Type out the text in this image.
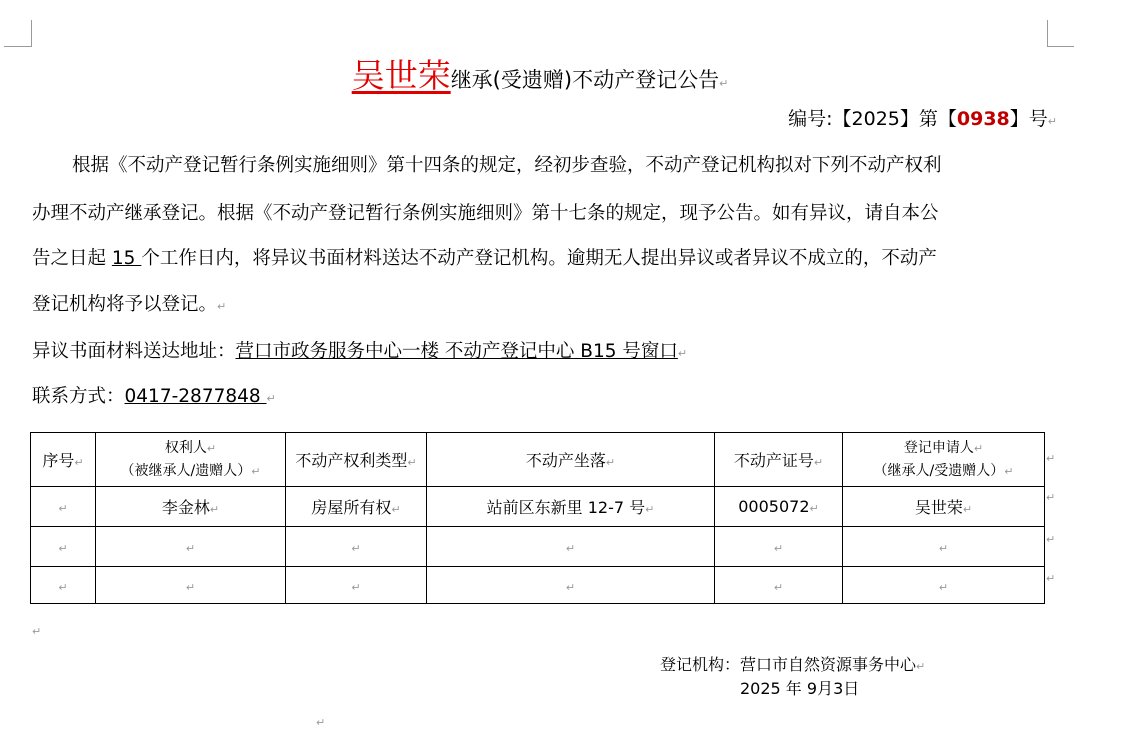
吴世荣继承(受遗赠)不动产登记公告↵
编号:【2025】第【0938】号↵
根据《不动产登记暂行条例实施细则》第十四条的规定，经初步查验，不动产登记机构拟对下列不动产权利
办理不动产继承登记。根据《不动产登记暂行条例实施细则》第十七条的规定，现予公告。如有异议，请自本公
告之日起 15 个工作日内，将异议书面材料送达不动产登记机构。逾期无人提出异议或者异议不成立的，不动产
登记机构将予以登记。↵
异议书面材料送达地址：营口市政务服务中心一楼 不动产登记中心 B15 号窗口↵
联系方式：0417-2877848 ↵
序号↵	权利人↵
（被继承人/遗赠人）↵	不动产权利类型↵	不动产坐落↵	不动产证号↵	登记申请人↵
（继承人/受遗赠人）↵
↵	李金林↵	房屋所有权↵	站前区东新里 12-7 号↵	0005072↵	吴世荣↵
↵	↵	↵	↵	↵	↵
↵	↵	↵	↵	↵	↵
↵
↵
↵
↵
↵
↵
登记机构：营口市自然资源事务中心↵
2025 年 9月3日
